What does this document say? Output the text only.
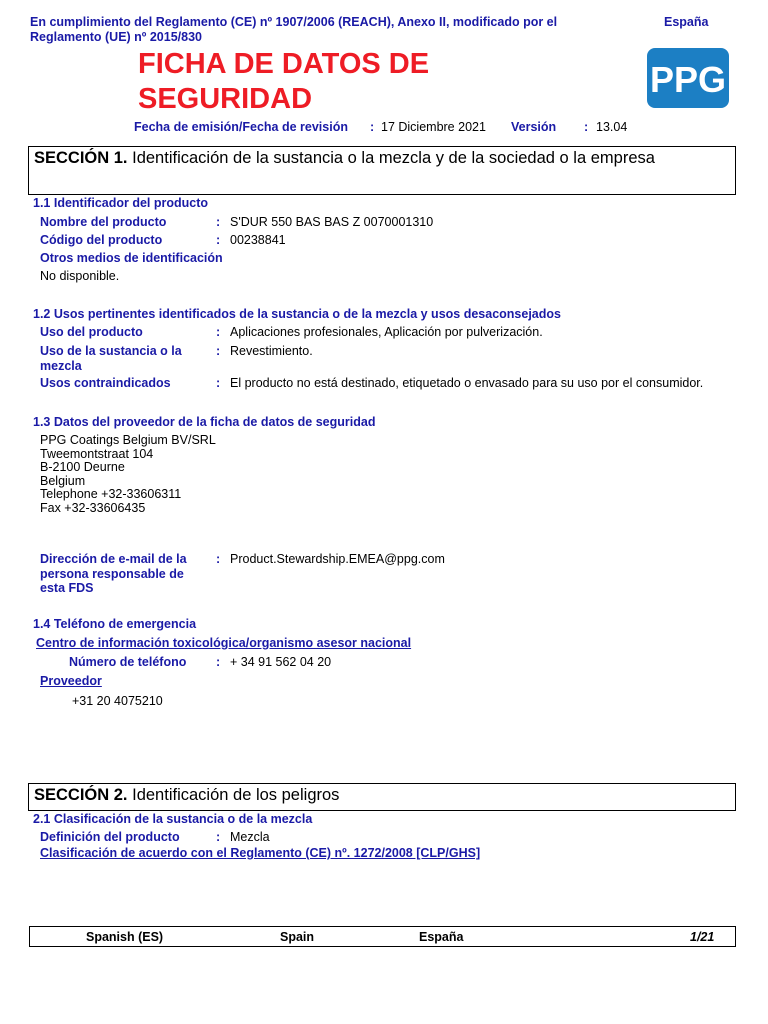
En cumplimiento del Reglamento (CE) nº 1907/2006 (REACH), Anexo II, modificado por el Reglamento (UE) nº 2015/830
España
FICHA DE DATOS DE SEGURIDAD	PPG
Fecha de emisión/Fecha de revisión : 17 Diciembre 2021 Versión : 13.04
SECCIÓN 1. Identificación de la sustancia o la mezcla y de la sociedad o la empresa
1.1 Identificador del producto
Nombre del producto	: S'DUR 550 BAS BAS Z 0070001310
Código del producto	: 00238841
Otros medios de identificación
No disponible.
1.2 Usos pertinentes identificados de la sustancia o de la mezcla y usos desaconsejados
Uso del producto	: Aplicaciones profesionales, Aplicación por pulverización.
Uso de la sustancia o la mezcla
: Revestimiento.
Usos contraindicados	: El producto no está destinado, etiquetado o envasado para su uso por el consumidor.
1.3 Datos del proveedor de la ficha de datos de seguridad
PPG Coatings Belgium BV/SRL
Tweemontstraat 104
B-2100 Deurne
Belgium
Telephone +32-33606311
Fax +32-33606435
Dirección de e-mail de la persona responsable de esta FDS
: Product.Stewardship.EMEA@ppg.com
1.4 Teléfono de emergencia
Centro de información toxicológica/organismo asesor nacional
Número de teléfono	: + 34 91 562 04 20
Proveedor
+31 20 4075210
SECCIÓN 2. Identificación de los peligros
2.1 Clasificación de la sustancia o de la mezcla
Definición del producto	: Mezcla
Clasificación de acuerdo con el Reglamento (CE) nº. 1272/2008 [CLP/GHS]
Spanish (ES)	Spain	España	1/21
